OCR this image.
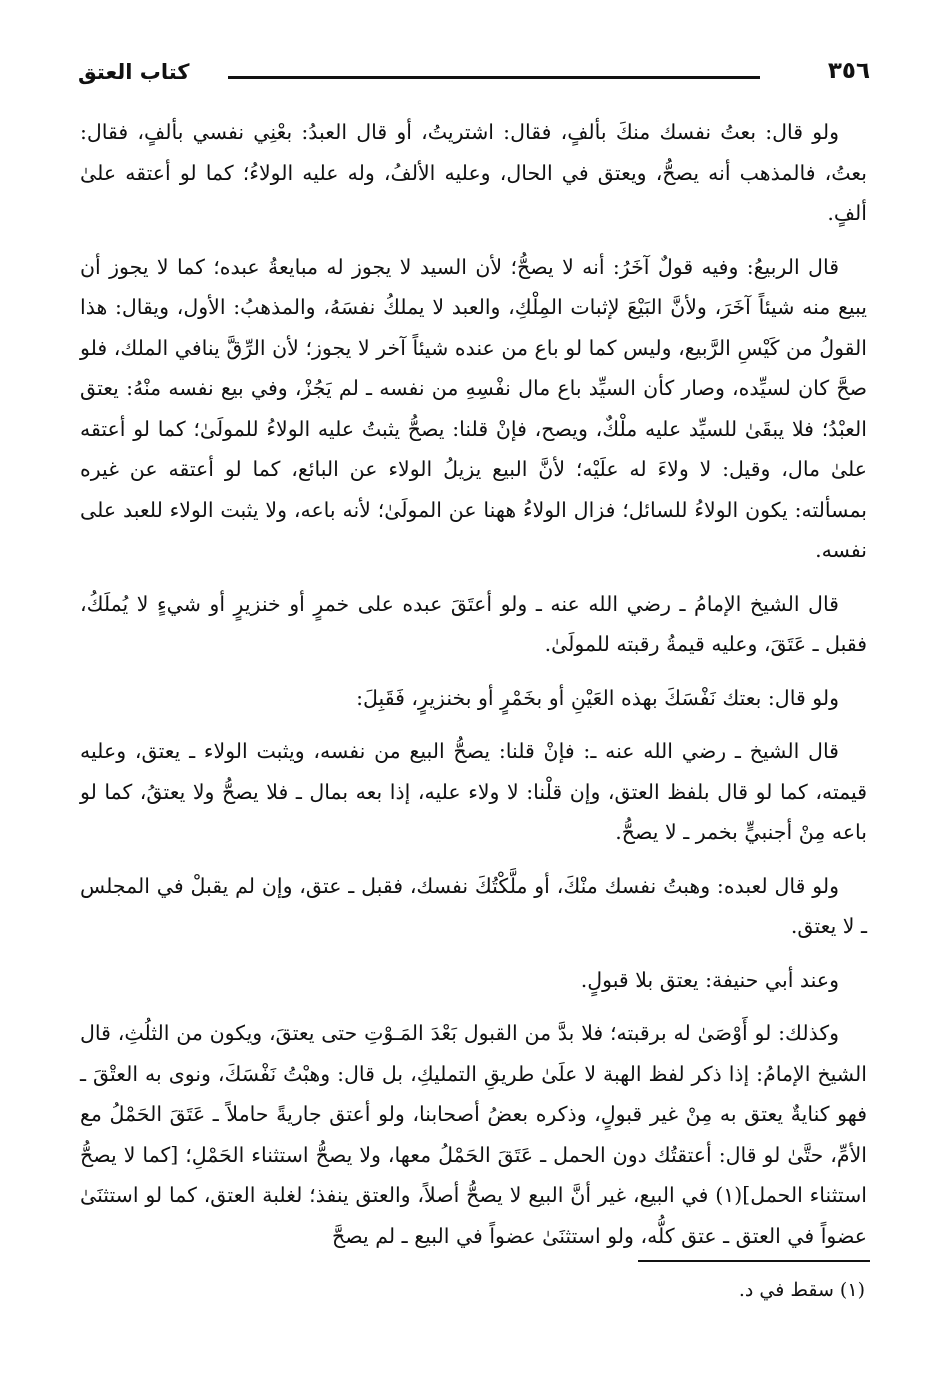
٣٥٦
كتاب العتق

ولو قال: بعتُ نفسك منكَ بألفٍ، فقال: اشتريتُ، أو قال العبدُ: بعْنِي نفسي بألفٍ، فقال: بعتُ، فالمذهب أنه يصحُّ، ويعتق في الحال، وعليه الألفُ، وله عليه الولاءُ؛ كما لو أعتقه علىٰ ألفٍ.

قال الربيعُ: وفيه قولٌ آخَرُ: أنه لا يصحُّ؛ لأن السيد لا يجوز له مبايعةُ عبده؛ كما لا يجوز أن يبيع منه شيئاً آخَرَ، ولأنَّ البَيْعَ لإثبات المِلْكِ، والعبد لا يملكُ نفسَهُ، والمذهبُ: الأول، ويقال: هذا القولُ من كَيْسِ الرَّبيع، وليس كما لو باع من عنده شيئاً آخر لا يجوز؛ لأن الرِّقَّ ينافي الملك، فلو صحَّ كان لسيِّده، وصار كأن السيِّد باع مال نفْسِهِ من نفسه ـ لم يَجُزْ، وفي بيع نفسه منْهُ: يعتق العبْدُ؛ فلا يبقَىٰ للسيِّد عليه ملْكٌ، ويصح، فإنْ قلنا: يصحُّ يثبتُ عليه الولاءُ للمولَىٰ؛ كما لو أعتقه علىٰ مال، وقيل: لا ولاءَ له علَيْه؛ لأنَّ البيع يزيلُ الولاء عن البائع، كما لو أعتقه عن غيره بمسألته: يكون الولاءُ للسائل؛ فزال الولاءُ ههنا عن المولَىٰ؛ لأنه باعه، ولا يثبت الولاء للعبد على نفسه.

قال الشيخ الإمامُ ـ رضي الله عنه ـ ولو أعتَقَ عبده على خمرٍ أو خنزيرٍ أو شيءٍ لا يُملَكُ، فقبل ـ عَتَقَ، وعليه قيمةُ رقبته للمولَىٰ.

ولو قال: بعتك نَفْسَكَ بهذه العَيْنِ أو بخَمْرٍ أو بخنزيرٍ، فَقَبِلَ:

قال الشيخ ـ رضي الله عنه ـ: فإنْ قلنا: يصحُّ البيع من نفسه، ويثبت الولاء ـ يعتق، وعليه قيمته، كما لو قال بلفظ العتق، وإن قلْنا: لا ولاء عليه، إذا بعه بمال ـ فلا يصحُّ ولا يعتقُ، كما لو باعه مِنْ أجنبيٍّ بخمر ـ لا يصحُّ.

ولو قال لعبده: وهبتُ نفسك منْكَ، أو ملَّكْتُكَ نفسك، فقبل ـ عتق، وإن لم يقبلْ في المجلس ـ لا يعتق.

وعند أبي حنيفة: يعتق بلا قبولٍ.

وكذلك: لو أَوْصَىٰ له برقبته؛ فلا بدَّ من القبول بَعْدَ المَـوْتِ حتى يعتقَ، ويكون من الثلُثِ، قال الشيخ الإمامُ: إذا ذكر لفظ الهبة لا علَىٰ طريقِ التمليكِ، بل قال: وهبْتُ نَفْسَكَ، ونوى به العتْقَ ـ فهو كنايةٌ يعتق به مِنْ غير قبولٍ، وذكره بعضُ أصحابنا، ولو أعتق جاريةً حاملاً ـ عَتَقَ الحَمْلُ مع الأمِّ، حتَّىٰ لو قال: أعتقتُك دون الحمل ـ عَتَقَ الحَمْلُ معها، ولا يصحُّ استثناء الحَمْلِ؛ [كما لا يصحُّ استثناء الحمل](١) في البيع، غير أنَّ البيع لا يصحُّ أصلاً، والعتق ينفذ؛ لغلبة العتق، كما لو استثنَىٰ عضواً في العتق ـ عتق كلُّه، ولو استثنَىٰ عضواً في البيع ـ لم يصحَّ

(١) سقط في د.
